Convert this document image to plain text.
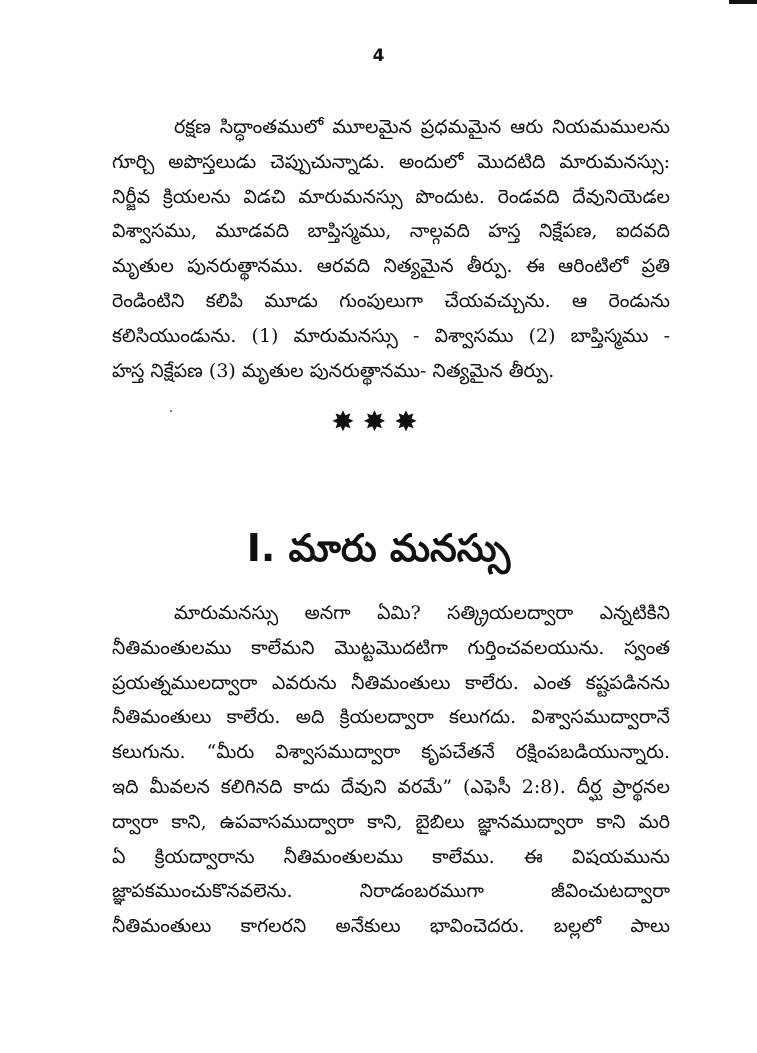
4
రక్షణ సిద్ధాంతములో మూలమైన ప్రధమమైన ఆరు నియమములను
గూర్చి అపొస్తలుడు చెప్పుచున్నాడు. అందులో మొదటిది మారుమనస్సు:
నిర్జీవ క్రియలను విడచి మారుమనస్సు పొందుట. రెండవది దేవునియెడల
విశ్వాసము, మూడవది బాప్తిస్మము, నాల్గవది హస్త నిక్షేపణ, ఐదవది
మృతుల పునరుత్థానము. ఆరవది నిత్యమైన తీర్పు. ఈ ఆరింటిలో ప్రతి
రెండింటిని కలిపి మూడు గుంపులుగా చేయవచ్చును. ఆ రెండును
కలిసియుండును. (1) మారుమనస్సు - విశ్వాసము (2) బాప్తిస్మము -
హస్త నిక్షేపణ (3) మృతుల పునరుత్థానము- నిత్యమైన తీర్పు.
✸✸✸
I. మారు మనస్సు
మారుమనస్సు అనగా ఏమి? సత్క్రియలద్వారా ఎన్నటికిని
నీతిమంతులము కాలేమని మొట్టమొదటిగా గుర్తించవలయును. స్వంత
ప్రయత్నములద్వారా ఎవరును నీతిమంతులు కాలేరు. ఎంత కష్టపడినను
నీతిమంతులు కాలేరు. అది క్రియలద్వారా కలుగదు. విశ్వాసముద్వారానే
కలుగును. “మీరు విశ్వాసముద్వారా కృపచేతనే రక్షింపబడియున్నారు.
ఇది మీవలన కలిగినది కాదు దేవుని వరమే” (ఎఫెసీ 2:8). దీర్ఘ ప్రార్థనల
ద్వారా కాని, ఉపవాసముద్వారా కాని, బైబిలు జ్ఞానముద్వారా కాని మరి
ఏ క్రియద్వారాను నీతిమంతులము కాలేము. ఈ విషయమును
జ్ఞాపకముంచుకొనవలెను. నిరాడంబరముగా జీవించుటద్వారా
నీతిమంతులు కాగలరని అనేకులు భావించెదరు. బల్లలో పాలు
